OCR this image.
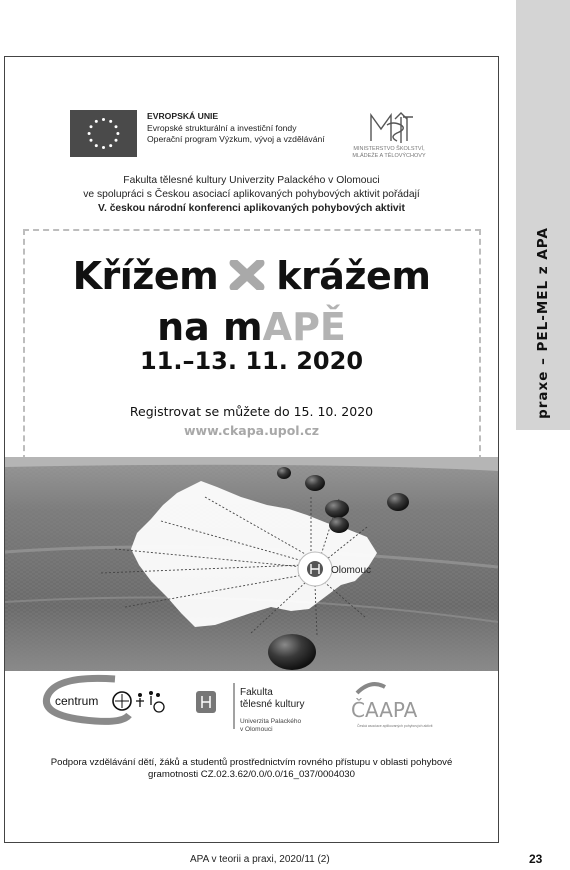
praxe – PEL-MEL z APA
EVROPSKÁ UNIE
Evropské strukturální a investiční fondy
Operační program Výzkum, vývoj a vzdělávání
MINISTERSTVO ŠKOLSTVÍ,
MLÁDEŽE A TĚLOVÝCHOVY
Fakulta tělesné kultury Univerzity Palackého v Olomouci
ve spolupráci s Českou asociací aplikovaných pohybových aktivit pořádají
V. českou národní konferenci aplikovaných pohybových aktivit
Křížem krážem
na mAPĚ
11.–13. 11. 2020
Registrovat se můžete do 15. 10. 2020
www.ckapa.upol.cz
Olomouc
centrum
Fakulta
tělesné kultury
Univerzita Palackého
v Olomouci
ČAAPA
Česká asociace aplikovaných pohybových aktivit
Podpora vzdělávání dětí, žáků a studentů prostřednictvím rovného přístupu v oblasti pohybové
gramotnosti CZ.02.3.62/0.0/0.0/16_037/0004030
APA v teorii a praxi, 2020/11 (2)	23
